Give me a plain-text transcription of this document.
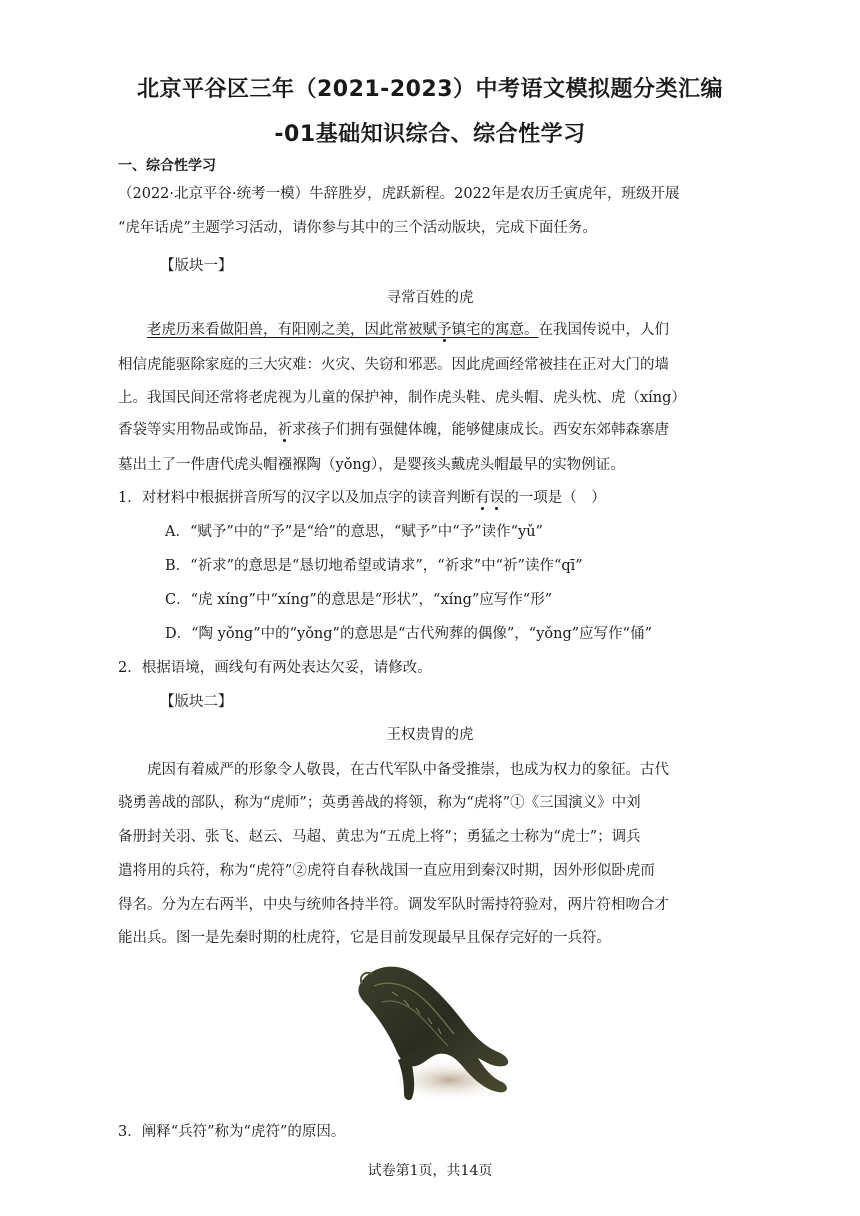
北京平谷区三年（2021-2023）中考语文模拟题分类汇编
-01基础知识综合、综合性学习
一、综合性学习
（2022·北京平谷·统考一模）牛辞胜岁，虎跃新程。2022年是农历壬寅虎年，班级开展
“虎年话虎”主题学习活动，请你参与其中的三个活动版块，完成下面任务。
【版块一】
寻常百姓的虎
老虎历来看做阳兽，有阳刚之美，因此常被赋予镇宅的寓意。在我国传说中，人们
相信虎能驱除家庭的三大灾难：火灾、失窃和邪恶。因此虎画经常被挂在正对大门的墙
上。我国民间还常将老虎视为儿童的保护神，制作虎头鞋、虎头帽、虎头枕、虎（xíng）
香袋等实用物品或饰品，祈求孩子们拥有强健体魄，能够健康成长。西安东郊韩森寨唐
墓出土了一件唐代虎头帽襁褓陶（yǒng），是婴孩头戴虎头帽最早的实物例证。
1．对材料中根据拼音所写的汉字以及加点字的读音判断有误的一项是（　）
A．“赋予”中的“予”是“给”的意思，“赋予”中“予”读作“yǔ”
B．“祈求”的意思是“恳切地希望或请求”，“祈求”中“祈”读作“qī”
C．“虎 xíng”中“xíng”的意思是“形状”，“xíng”应写作“形”
D．“陶 yǒng”中的“yǒng”的意思是“古代殉葬的偶像”，“yǒng”应写作“俑”
2．根据语境，画线句有两处表达欠妥，请修改。
【版块二】
王权贵胄的虎
虎因有着威严的形象令人敬畏，在古代军队中备受推崇，也成为权力的象征。古代
骁勇善战的部队，称为“虎师”；英勇善战的将领，称为“虎将”①《三国演义》中刘
备册封关羽、张飞、赵云、马超、黄忠为“五虎上将”；勇猛之士称为“虎士”；调兵
遣将用的兵符，称为“虎符”②虎符自春秋战国一直应用到秦汉时期，因外形似卧虎而
得名。分为左右两半，中央与统帅各持半符。调发军队时需持符验对，两片符相吻合才
能出兵。图一是先秦时期的杜虎符，它是目前发现最早且保存完好的一兵符。
3．阐释“兵符”称为“虎符”的原因。
试卷第1页，共14页
